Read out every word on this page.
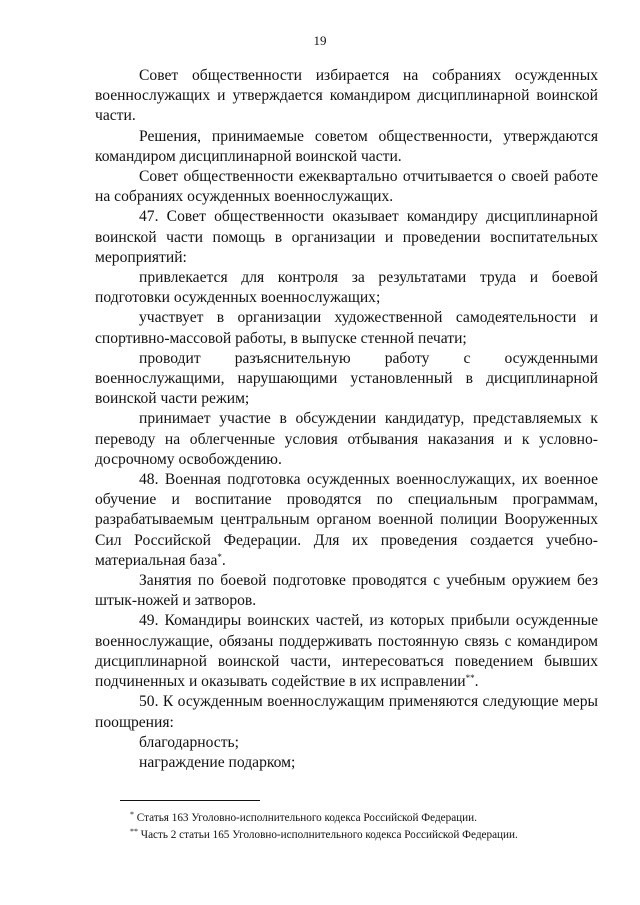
19

Совет общественности избирается на собраниях осужденных военнослужащих и утверждается командиром дисциплинарной воинской части.

Решения, принимаемые советом общественности, утверждаются командиром дисциплинарной воинской части.

Совет общественности ежеквартально отчитывается о своей работе на собраниях осужденных военнослужащих.

47. Совет общественности оказывает командиру дисциплинарной воинской части помощь в организации и проведении воспитательных мероприятий:

привлекается для контроля за результатами труда и боевой подготовки осужденных военнослужащих;

участвует в организации художественной самодеятельности и спортивно-массовой работы, в выпуске стенной печати;

проводит разъяснительную работу с осужденными военнослужащими, нарушающими установленный в дисциплинарной воинской части режим;

принимает участие в обсуждении кандидатур, представляемых к переводу на облегченные условия отбывания наказания и к условно-досрочному освобождению.

48. Военная подготовка осужденных военнослужащих, их военное обучение и воспитание проводятся по специальным программам, разрабатываемым центральным органом военной полиции Вооруженных Сил Российской Федерации. Для их проведения создается учебно-материальная база*.

Занятия по боевой подготовке проводятся с учебным оружием без штык-ножей и затворов.

49. Командиры воинских частей, из которых прибыли осужденные военнослужащие, обязаны поддерживать постоянную связь с командиром дисциплинарной воинской части, интересоваться поведением бывших подчиненных и оказывать содействие в их исправлении**.

50. К осужденным военнослужащим применяются следующие меры поощрения:

благодарность;

награждение подарком;

* Статья 163 Уголовно-исполнительного кодекса Российской Федерации.

** Часть 2 статьи 165 Уголовно-исполнительного кодекса Российской Федерации.
